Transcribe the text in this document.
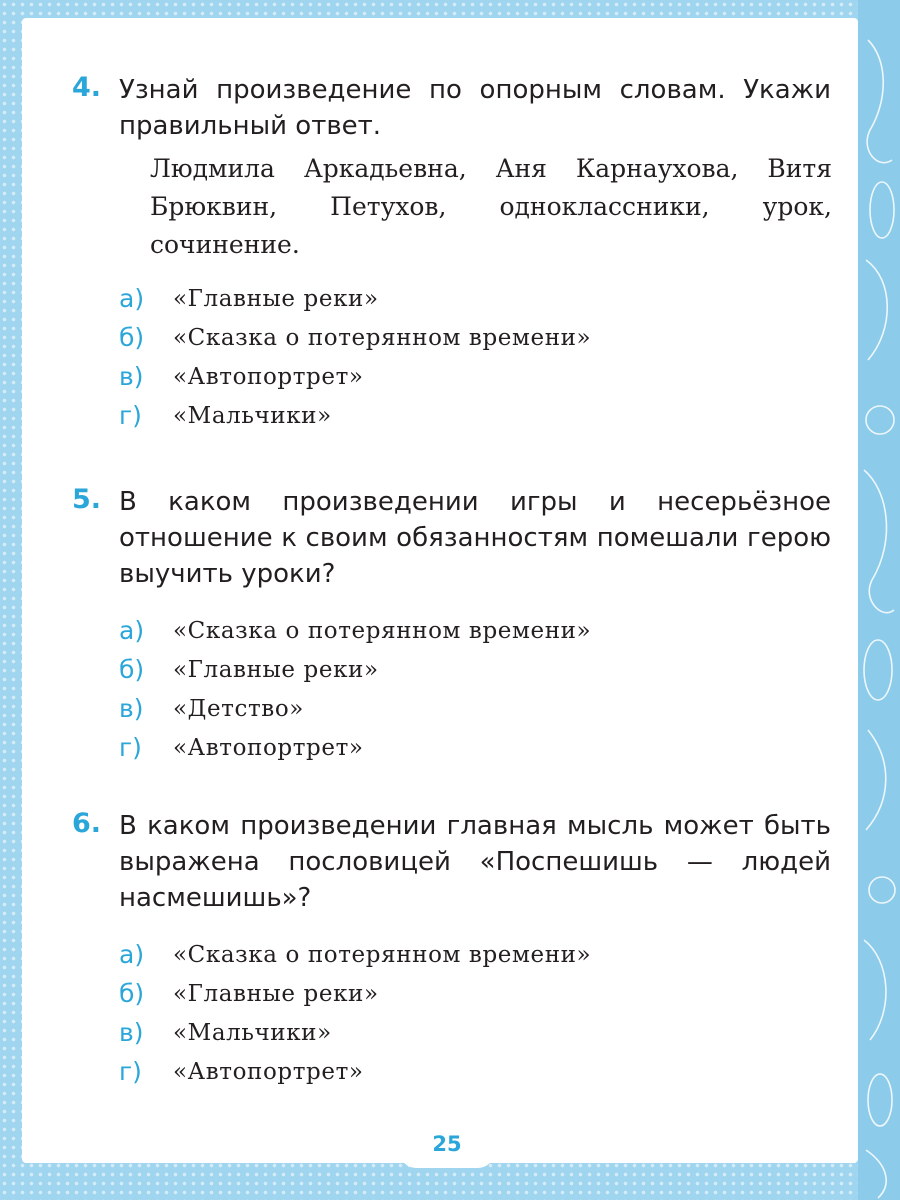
4. Узнай произведение по опорным словам. Укажи правильный ответ.

Людмила Аркадьевна, Аня Карнаухова, Витя Брюквин, Петухов, одноклассники, урок, сочинение.

а) «Главные реки»
б) «Сказка о потерянном времени»
в) «Автопортрет»
г) «Мальчики»
5. В каком произведении игры и несерьёзное отношение к своим обязанностям помешали герою выучить уроки?

а) «Сказка о потерянном времени»
б) «Главные реки»
в) «Детство»
г) «Автопортрет»
6. В каком произведении главная мысль может быть выражена пословицей «Поспешишь — людей насмешишь»?

а) «Сказка о потерянном времени»
б) «Главные реки»
в) «Мальчики»
г) «Автопортрет»
25
